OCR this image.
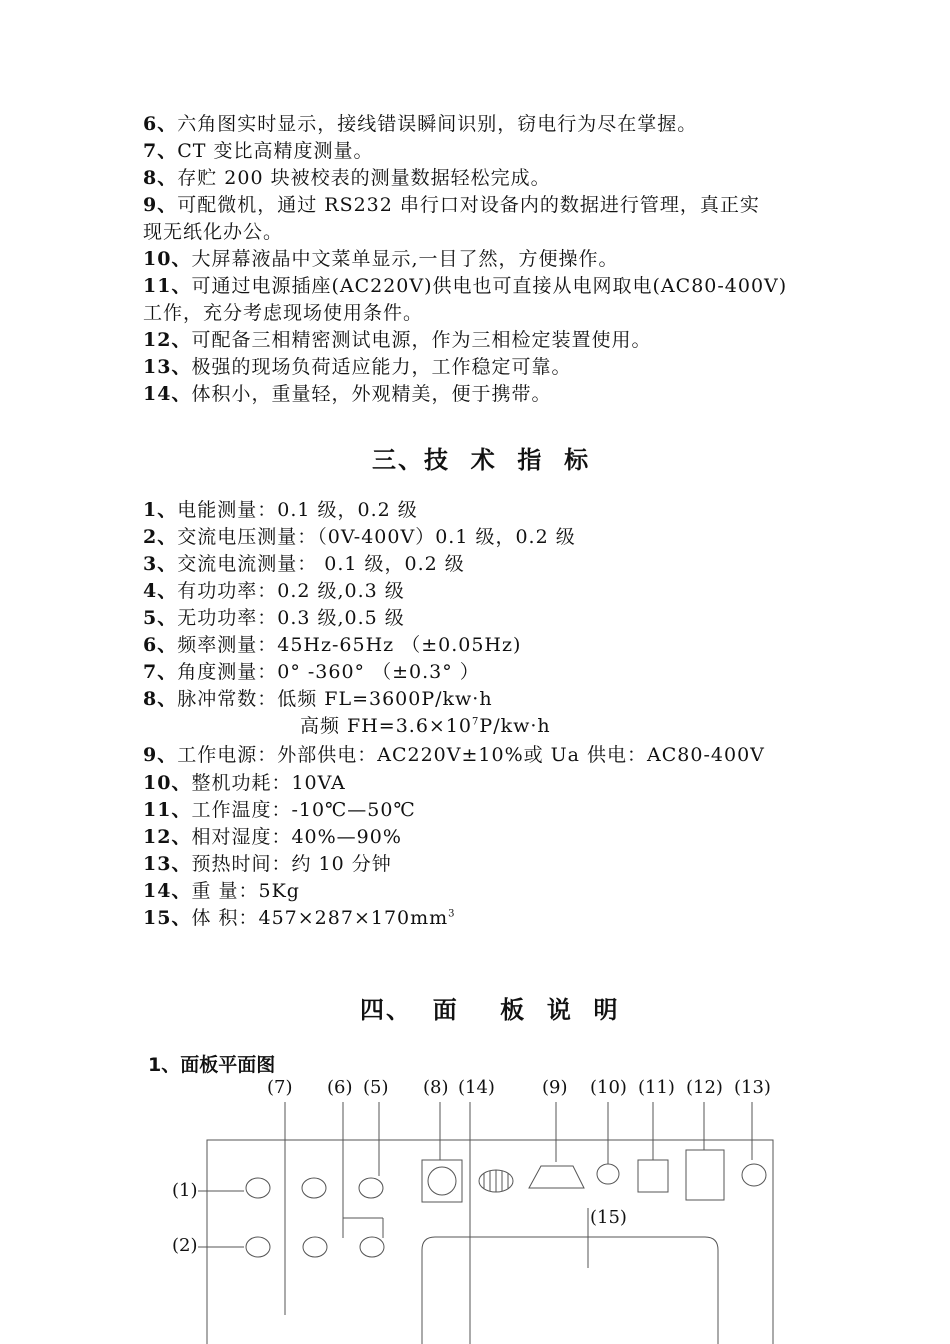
6、六角图实时显示，接线错误瞬间识别，窃电行为尽在掌握。
7、CT 变比高精度测量。
8、存贮 200 块被校表的测量数据轻松完成。
9、可配微机，通过 RS232 串行口对设备内的数据进行管理，真正实
现无纸化办公。
10、大屏幕液晶中文菜单显示,一目了然，方便操作。
11、可通过电源插座(AC220V)供电也可直接从电网取电(AC80-400V)
工作，充分考虑现场使用条件。
12、可配备三相精密测试电源，作为三相检定装置使用。
13、极强的现场负荷适应能力，工作稳定可靠。
14、体积小，重量轻，外观精美，便于携带。
三、技  术  指  标
1、电能测量：0.1 级，0.2 级
2、交流电压测量：（0V-400V）0.1 级，0.2 级
3、交流电流测量： 0.1 级，0.2 级
4、有功功率：0.2 级,0.3 级
5、无功功率：0.3 级,0.5 级
6、频率测量：45Hz-65Hz （±0.05Hz)
7、角度测量：0° -360° （±0.3° ）
8、脉冲常数：低频 FL=3600P/kw·h
高频 $FH=3.6\times 10^7P/kw\cdot h$
9、工作电源：外部供电：AC220V±10%或 Ua 供电：AC80-400V
10、整机功耗：10VA
11、工作温度：-10℃—50℃
12、相对湿度：40%—90%
13、预热时间：约 10 分钟
14、重 量：5Kg
15、体 积：$457\times 287\times 170mm^3$
四、  面    板  说  明
1、面板平面图
(7) (6) (5) (8) (14)	(9) (10) (11) (12) (13)
(1)
(2)
(15)
